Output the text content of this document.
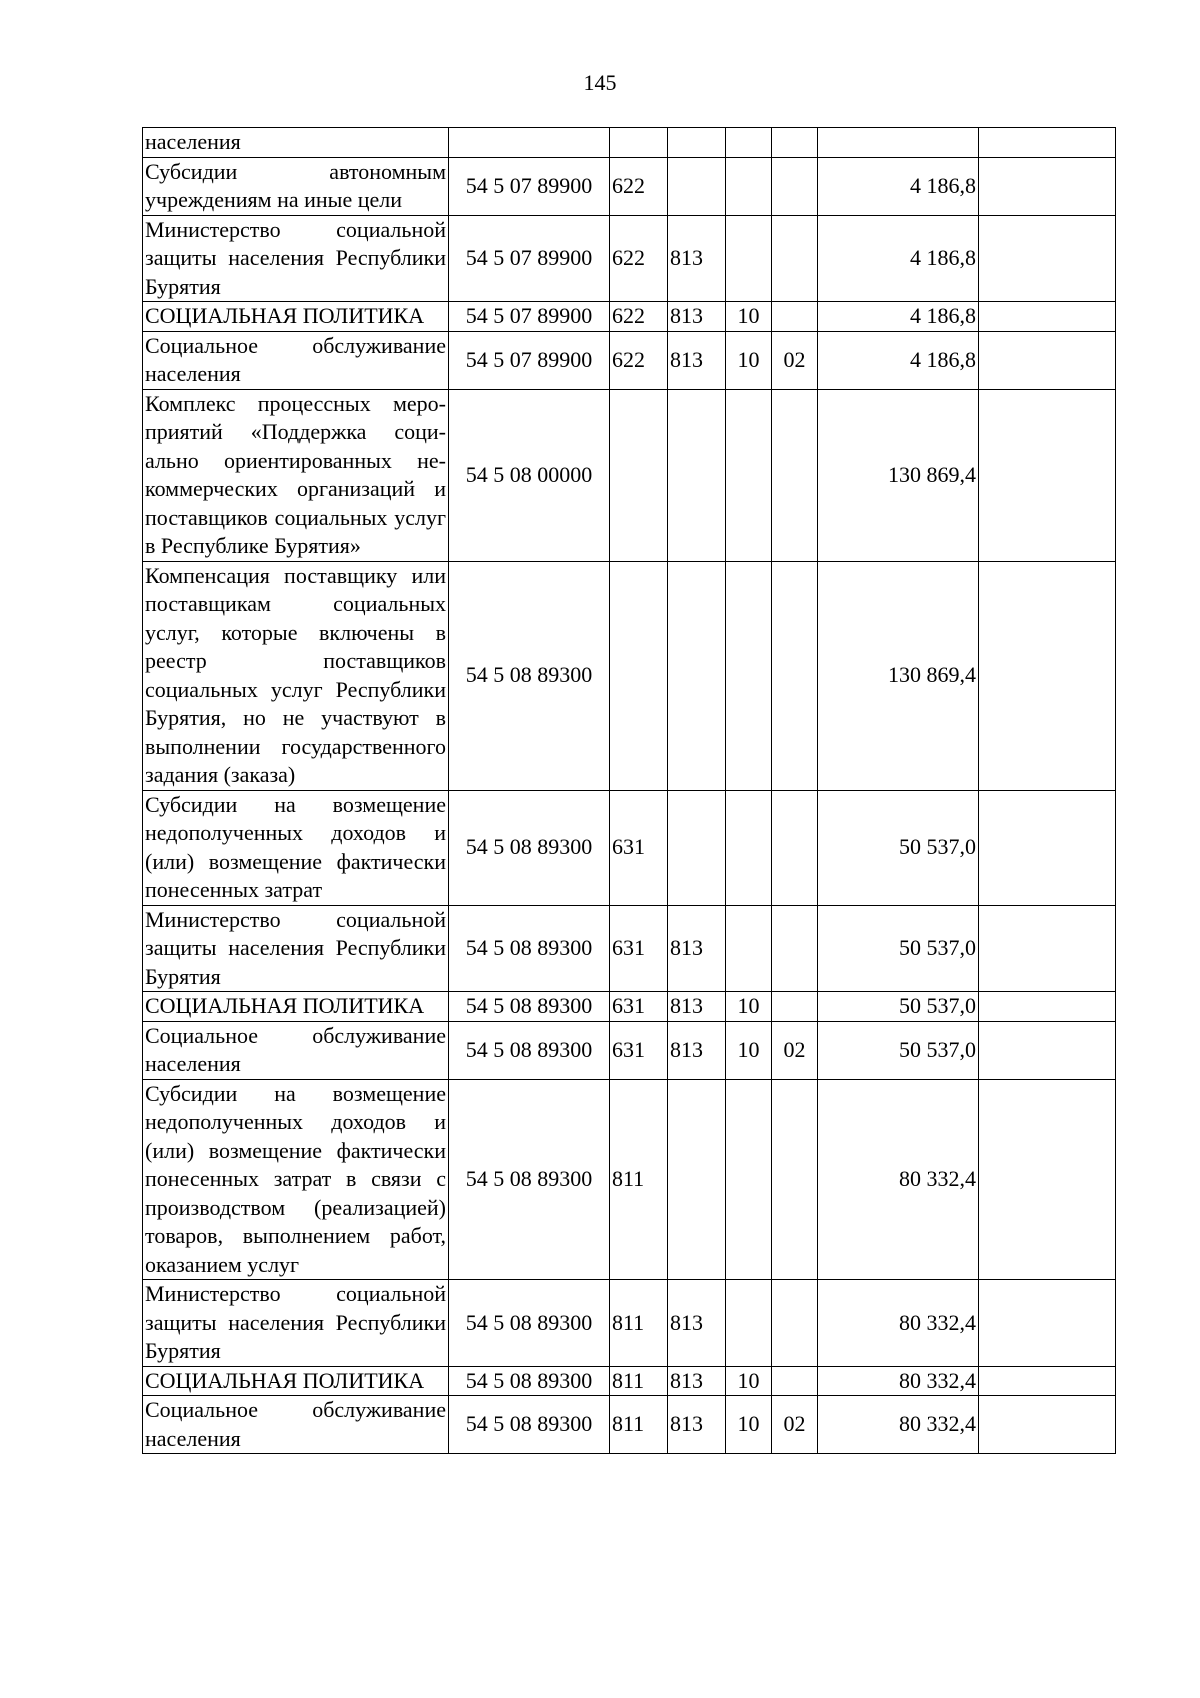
145
населения							
Субсидии автономным учреждениям на иные цели	54 5 07 89900	622				4 186,8	
Министерство социальной защиты населения Республики Бурятия	54 5 07 89900	622	813			4 186,8	
СОЦИАЛЬНАЯ ПОЛИТИКА	54 5 07 89900	622	813	10		4 186,8	
Социальное обслуживание населения	54 5 07 89900	622	813	10	02	4 186,8	
Комплекс процессных мероприятий «Поддержка социально ориентированных некоммерческих организаций и поставщиков социальных услуг в Республике Бурятия»	54 5 08 00000					130 869,4	
Компенсация поставщику или поставщикам социальных услуг, которые включены в реестр поставщиков социальных услуг Республики Бурятия, но не участвуют в выполнении государственного задания (заказа)	54 5 08 89300					130 869,4	
Субсидии на возмещение недополученных доходов и (или) возмещение фактически понесенных затрат	54 5 08 89300	631				50 537,0	
Министерство социальной защиты населения Республики Бурятия	54 5 08 89300	631	813			50 537,0	
СОЦИАЛЬНАЯ ПОЛИТИКА	54 5 08 89300	631	813	10		50 537,0	
Социальное обслуживание населения	54 5 08 89300	631	813	10	02	50 537,0	
Субсидии на возмещение недополученных доходов и (или) возмещение фактически понесенных затрат в связи с производством (реализацией) товаров, выполнением работ, оказанием услуг	54 5 08 89300	811				80 332,4	
Министерство социальной защиты населения Республики Бурятия	54 5 08 89300	811	813			80 332,4	
СОЦИАЛЬНАЯ ПОЛИТИКА	54 5 08 89300	811	813	10		80 332,4	
Социальное обслуживание населения	54 5 08 89300	811	813	10	02	80 332,4	
